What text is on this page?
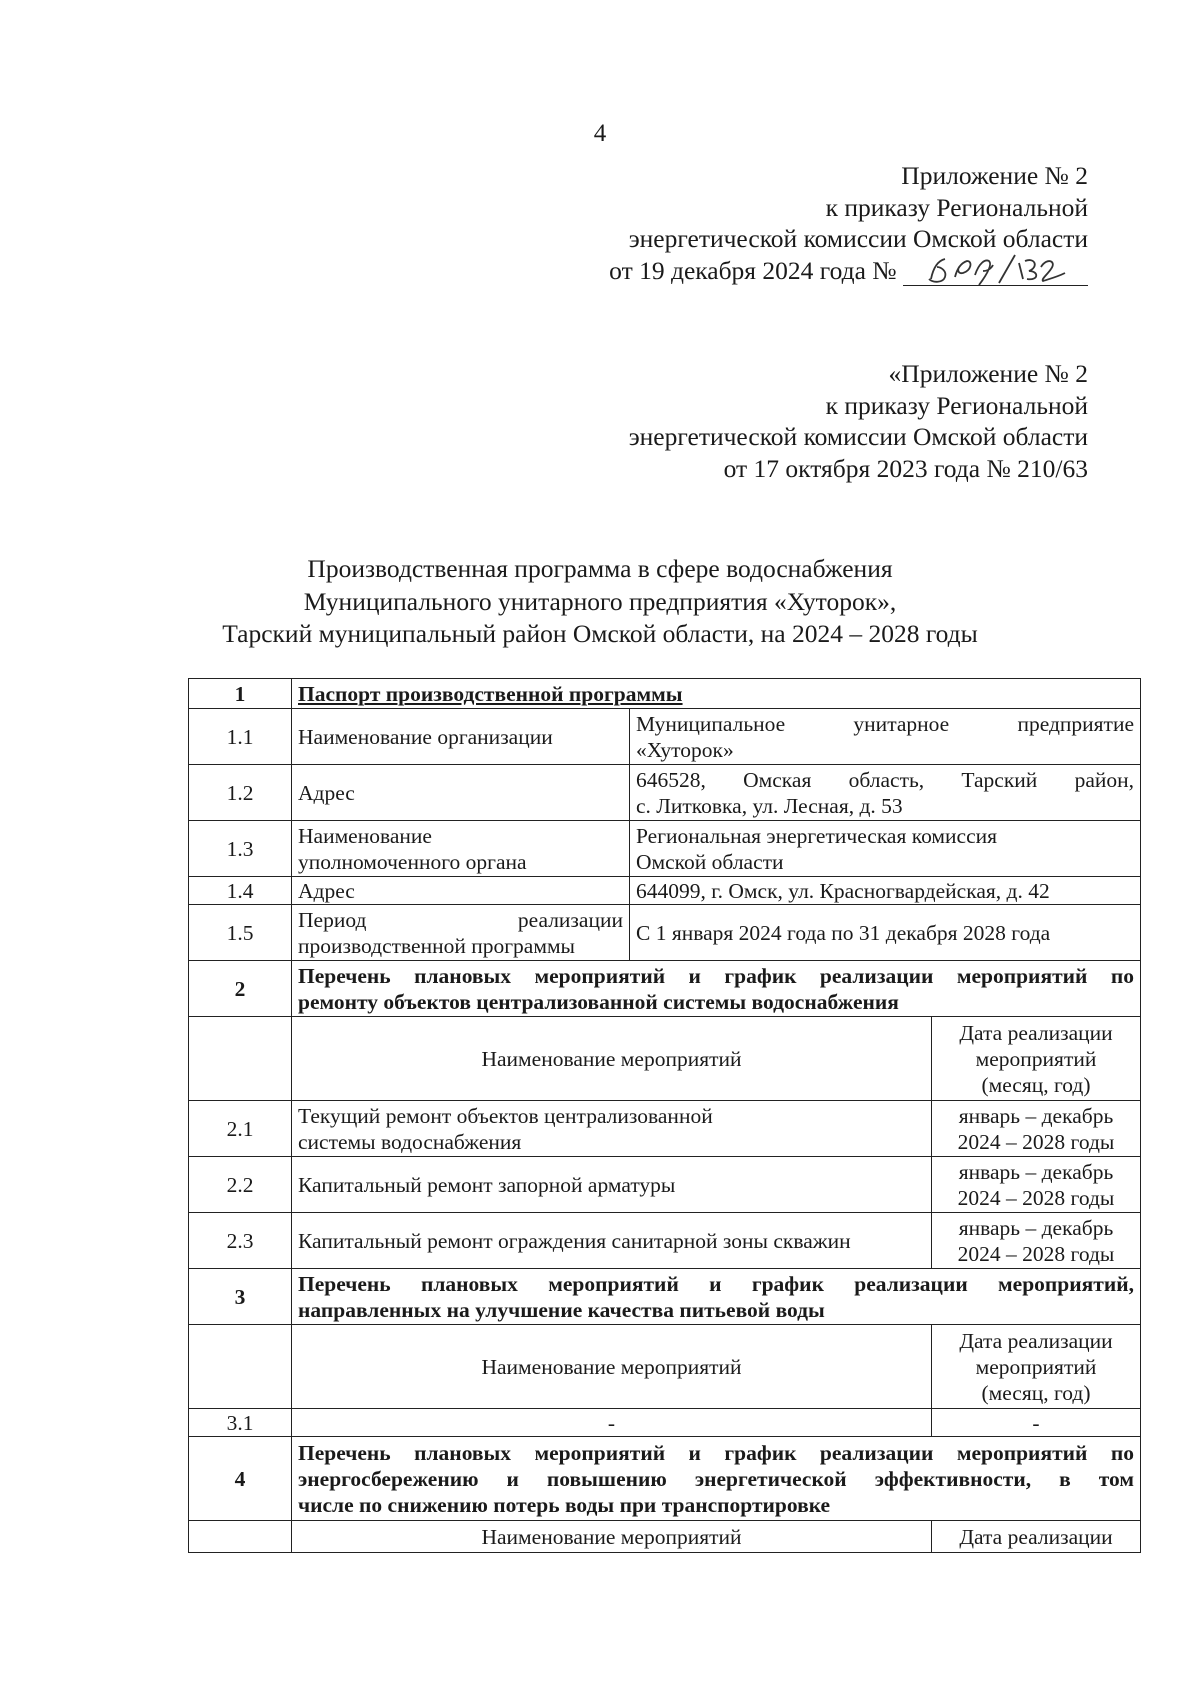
4
Приложение № 2
к приказу Региональной
энергетической комиссии Омской области
от 19 декабря 2024 года №
«Приложение № 2
к приказу Региональной
энергетической комиссии Омской области
от 17 октября 2023 года № 210/63
Производственная программа в сфере водоснабжения
Муниципального унитарного предприятия «Хуторок»,
Тарский муниципальный район Омской области, на 2024 – 2028 годы
1	Паспорт производственной программы		
1.1	Наименование организации	Муниципальное унитарное предприятие
«Хуторок»	

1.2	Адрес	646528, Омская область, Тарский район,
с. Литковка, ул. Лесная, д. 53	

1.3	Наименование
уполномоченного органа	Региональная энергетическая комиссия
Омской области	

1.4	Адрес	644099, г. Омск, ул. Красногвардейская, д. 42	
1.5	Период реализации
производственной программы	С 1 января 2024 года по 31 декабря 2028 года	
2	Перечень плановых мероприятий и график реализации мероприятий по
ремонту объектов централизованной системы водоснабжения		

	Наименование мероприятий		Дата реализации
мероприятий
(месяц, год)

2.1	Текущий ремонт объектов централизованной
системы водоснабжения		январь – декабрь
2024 – 2028 годы

2.2	Капитальный ремонт запорной арматуры		январь – декабрь
2024 – 2028 годы

2.3	Капитальный ремонт ограждения санитарной зоны скважин		январь – декабрь
2024 – 2028 годы

3	Перечень плановых мероприятий и график реализации мероприятий,
направленных на улучшение качества питьевой воды		

	Наименование мероприятий		Дата реализации
мероприятий
(месяц, год)

3.1	-		-
4	Перечень плановых мероприятий и график реализации мероприятий по
энергосбережению и повышению энергетической эффективности, в том
числе по снижению потерь воды при транспортировке		

	Наименование мероприятий		Дата реализации
